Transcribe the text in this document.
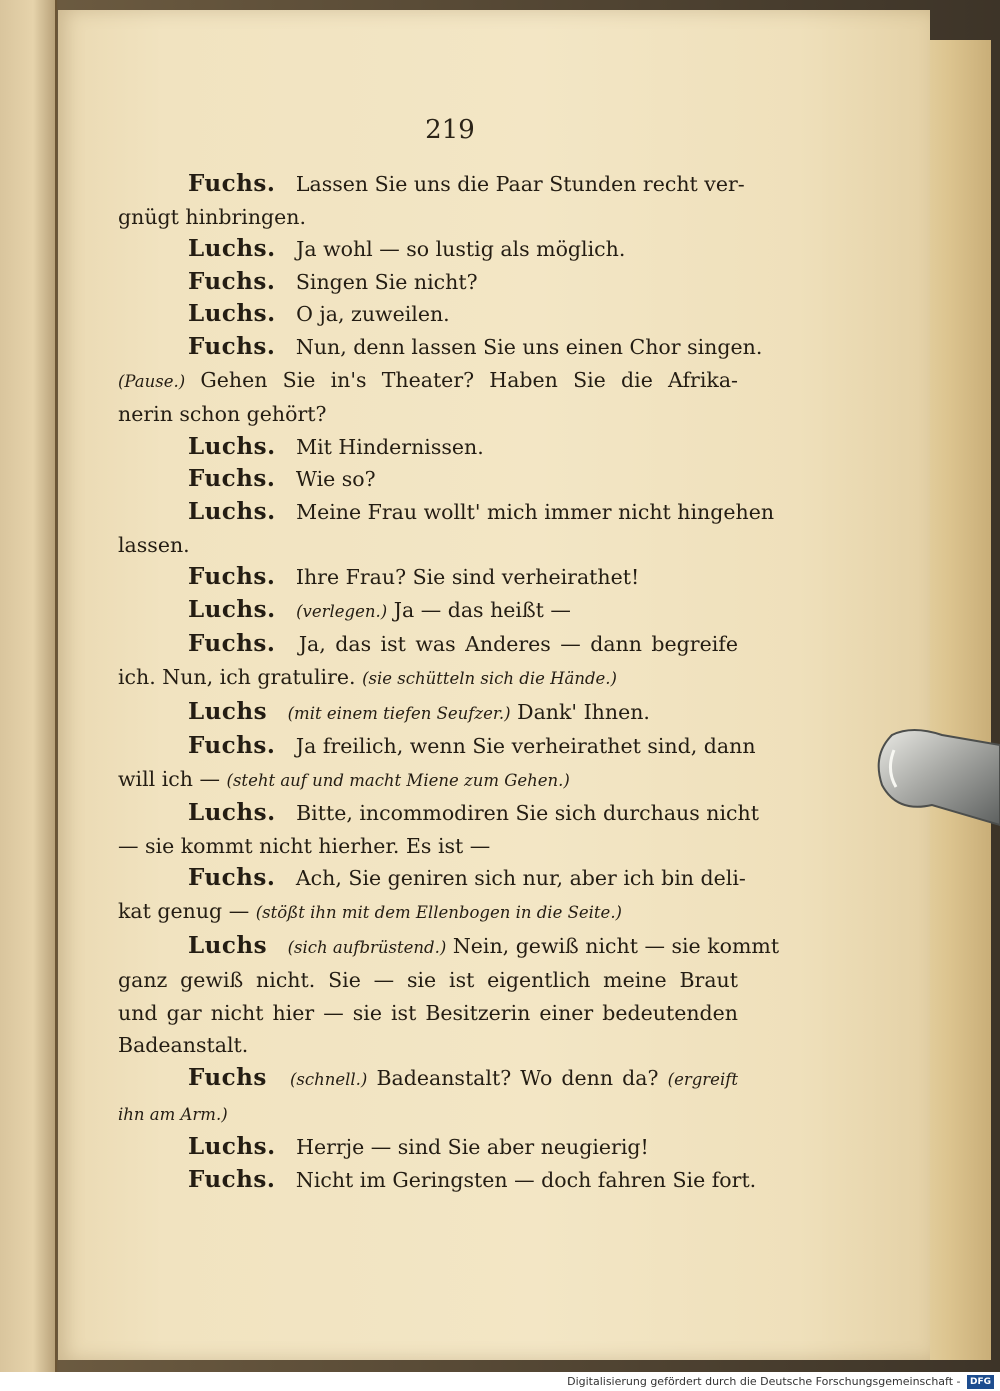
219
Fuchs. Lassen Sie uns die Paar Stunden recht ver-
gnügt hinbringen.
Luchs. Ja wohl — so lustig als möglich.
Fuchs. Singen Sie nicht?
Luchs. O ja, zuweilen.
Fuchs. Nun, denn lassen Sie uns einen Chor singen.
(Pause.) Gehen Sie in's Theater? Haben Sie die Afrika-
nerin schon gehört?
Luchs. Mit Hindernissen.
Fuchs. Wie so?
Luchs. Meine Frau wollt' mich immer nicht hingehen
lassen.
Fuchs. Ihre Frau? Sie sind verheirathet!
Luchs. (verlegen.) Ja — das heißt —
Fuchs. Ja, das ist was Anderes — dann begreife
ich. Nun, ich gratulire. (sie schütteln sich die Hände.)
Luchs (mit einem tiefen Seufzer.) Dank' Ihnen.
Fuchs. Ja freilich, wenn Sie verheirathet sind, dann
will ich — (steht auf und macht Miene zum Gehen.)
Luchs. Bitte, incommodiren Sie sich durchaus nicht
— sie kommt nicht hierher. Es ist —
Fuchs. Ach, Sie geniren sich nur, aber ich bin deli-
kat genug — (stößt ihn mit dem Ellenbogen in die Seite.)
Luchs (sich aufbrüstend.) Nein, gewiß nicht — sie kommt
ganz gewiß nicht. Sie — sie ist eigentlich meine Braut
und gar nicht hier — sie ist Besitzerin einer bedeutenden
Badeanstalt.
Fuchs (schnell.) Badeanstalt? Wo denn da? (ergreift
ihn am Arm.)
Luchs. Herrje — sind Sie aber neugierig!
Fuchs. Nicht im Geringsten — doch fahren Sie fort.
Digitalisierung gefördert durch die Deutsche Forschungsgemeinschaft - DFG
